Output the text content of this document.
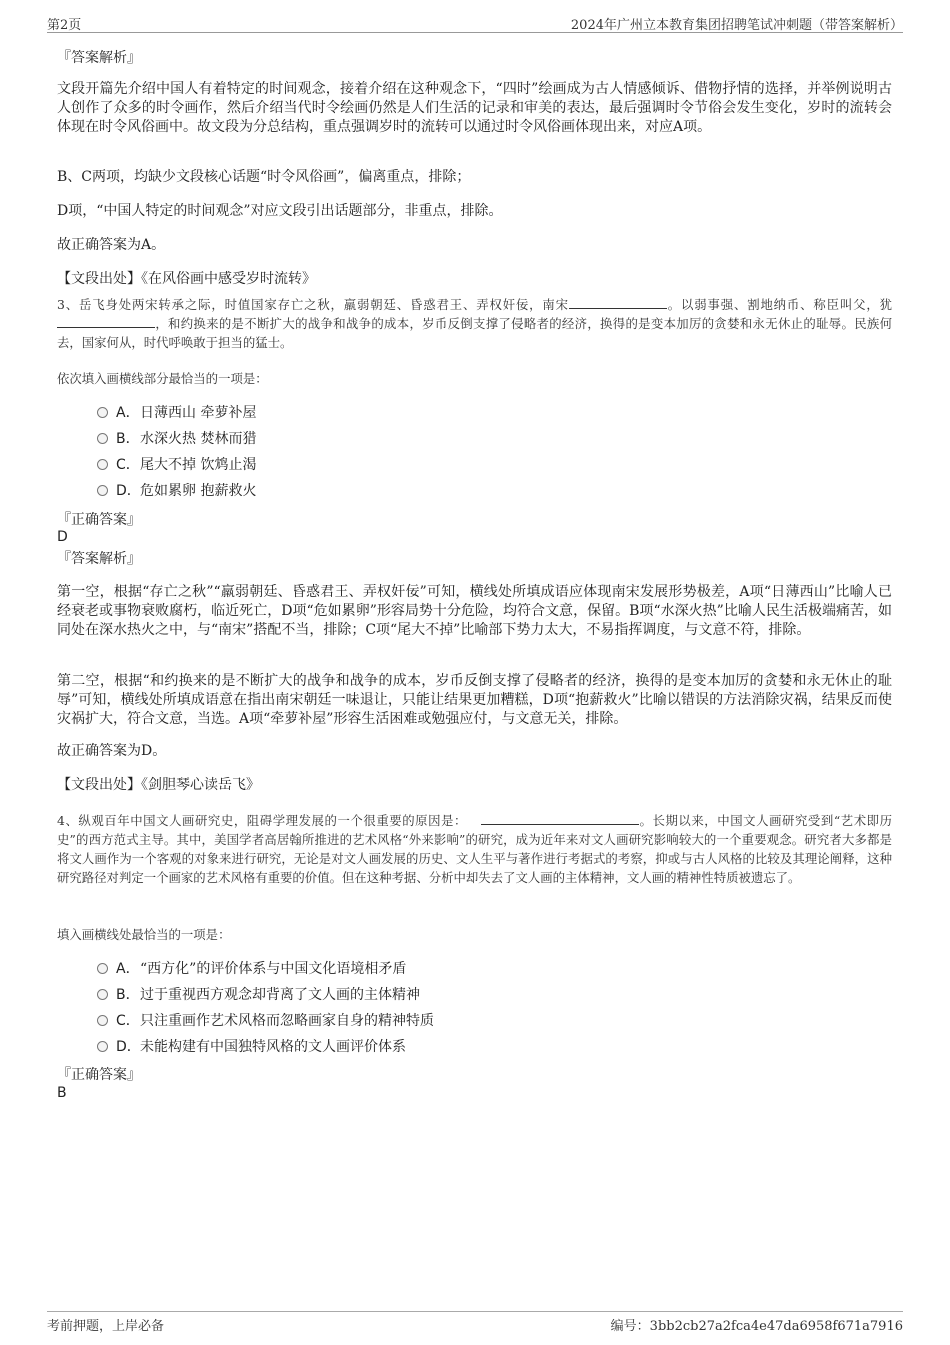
第2页	2024年广州立本教育集团招聘笔试冲刺题（带答案解析）
『答案解析』
文段开篇先介绍中国人有着特定的时间观念，接着介绍在这种观念下，“四时”绘画成为古人情感倾诉、借物抒情的选择，并举例说明古人创作了众多的时令画作，然后介绍当代时令绘画仍然是人们生活的记录和审美的表达，最后强调时令节俗会发生变化，岁时的流转会体现在时令风俗画中。故文段为分总结构，重点强调岁时的流转可以通过时令风俗画体现出来，对应A项。
B、C两项，均缺少文段核心话题“时令风俗画”，偏离重点，排除；
D项，“中国人特定的时间观念”对应文段引出话题部分，非重点，排除。
故正确答案为A。
【文段出处】《在风俗画中感受岁时流转》
3、岳飞身处两宋转承之际，时值国家存亡之秋，羸弱朝廷、昏惑君王、弄权奸佞，南宋	。以弱事强、割地纳币、称臣叫父，犹，和约换来的是不断扩大的战争和战争的成本，岁币反倒支撑了侵略者的经济，换得的是变本加厉的贪婪和永无休止的耻辱。民族何去，国家何从，时代呼唤敢于担当的猛士。
依次填入画横线部分最恰当的一项是：
A．日薄西山 牵萝补屋
B．水深火热 焚林而猎
C．尾大不掉 饮鸩止渴
D．危如累卵 抱薪救火
『正确答案』
D
『答案解析』
第一空，根据“存亡之秋”“羸弱朝廷、昏惑君王、弄权奸佞”可知，横线处所填成语应体现南宋发展形势极差，A项“日薄西山”比喻人已经衰老或事物衰败腐朽，临近死亡，D项“危如累卵”形容局势十分危险，均符合文意，保留。B项“水深火热”比喻人民生活极端痛苦，如同处在深水热火之中，与“南宋”搭配不当，排除；C项“尾大不掉”比喻部下势力太大，不易指挥调度，与文意不符，排除。
第二空，根据“和约换来的是不断扩大的战争和战争的成本，岁币反倒支撑了侵略者的经济，换得的是变本加厉的贪婪和永无休止的耻辱”可知，横线处所填成语意在指出南宋朝廷一味退让，只能让结果更加糟糕，D项“抱薪救火”比喻以错误的方法消除灾祸，结果反而使灾祸扩大，符合文意，当选。A项“牵萝补屋”形容生活困难或勉强应付，与文意无关，排除。
故正确答案为D。
【文段出处】《剑胆琴心读岳飞》
4、纵观百年中国文人画研究史，阻碍学理发展的一个很重要的原因是：	。长期以来，中国文人画研究受到“艺术即历史”的西方范式主导。其中，美国学者高居翰所推进的艺术风格“外来影响”的研究，成为近年来对文人画研究影响较大的一个重要观念。研究者大多都是将文人画作为一个客观的对象来进行研究，无论是对文人画发展的历史、文人生平与著作进行考据式的考察，抑或与古人风格的比较及其理论阐释，这种研究路径对判定一个画家的艺术风格有重要的价值。但在这种考据、分析中却失去了文人画的主体精神，文人画的精神性特质被遗忘了。
填入画横线处最恰当的一项是：
A．“西方化”的评价体系与中国文化语境相矛盾
B．过于重视西方观念却背离了文人画的主体精神
C．只注重画作艺术风格而忽略画家自身的精神特质
D．未能构建有中国独特风格的文人画评价体系
『正确答案』
B
考前押题，上岸必备	编号：3bb2cb27a2fca4e47da6958f671a7916
